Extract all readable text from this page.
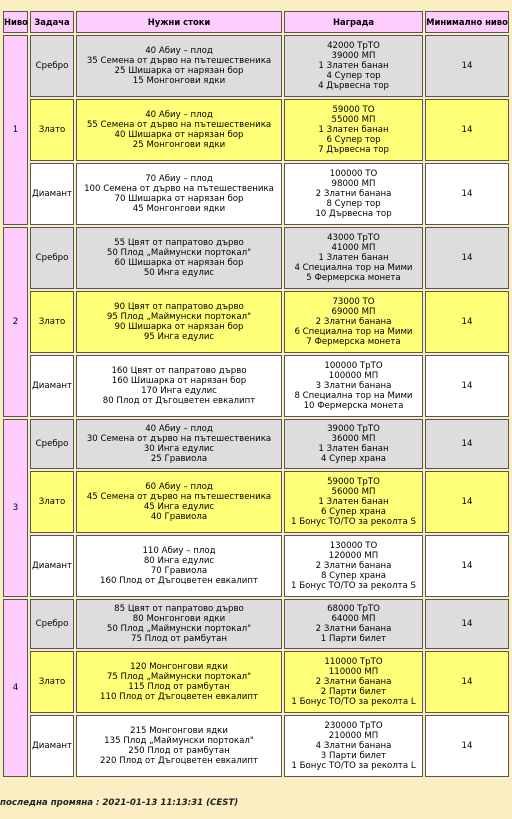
Ниво	Задача	Нужни стоки	Награда	Минимално ниво
1	Сребро	40 Абиу – плод
35 Семена от дърво на пътешественика
25 Шишарка от нарязан бор
15 Монгонгови ядки	42000 ТрТО
39000 МП
1 Златен банан
4 Супер тор
4 Дървесна тор	14
	Злато	40 Абиу – плод
55 Семена от дърво на пътешественика
40 Шишарка от нарязан бор
25 Монгонгови ядки	59000 ТО
55000 МП
1 Златен банан
6 Супер тор
7 Дървесна тор	14
	Диамант	70 Абиу – плод
100 Семена от дърво на пътешественика
70 Шишарка от нарязан бор
45 Монгонгови ядки	100000 ТО
98000 МП
2 Златни банана
8 Супер тор
10 Дървесна тор	14
2	Сребро	55 Цвят от папратово дърво
50 Плод „Маймунски портокал"
60 Шишарка от нарязан бор
50 Инга едулис	43000 ТрТО
41000 МП
1 Златен банан
4 Специална тор на Мими
5 Фермерска монета	14
	Злато	90 Цвят от папратово дърво
95 Плод „Маймунски портокал"
90 Шишарка от нарязан бор
95 Инга едулис	73000 ТО
69000 МП
2 Златни банана
6 Специална тор на Мими
7 Фермерска монета	14
	Диамант	160 Цвят от папратово дърво
160 Шишарка от нарязан бор
170 Инга едулис
80 Плод от Дъгоцветен евкалипт	100000 ТрТО
100000 МП
3 Златни банана
8 Специална тор на Мими
10 Фермерска монета	14
3	Сребро	40 Абиу – плод
30 Семена от дърво на пътешественика
30 Инга едулис
25 Гравиола	39000 ТрТО
36000 МП
1 Златен банан
4 Супер храна	14
	Злато	60 Абиу – плод
45 Семена от дърво на пътешественика
45 Инга едулис
40 Гравиола	59000 ТрТО
56000 МП
1 Златен банан
6 Супер храна
1 Бонус ТО/ТО за реколта S	14
	Диамант	110 Абиу – плод
80 Инга едулис
70 Гравиола
160 Плод от Дъгоцветен евкалипт	130000 ТО
120000 МП
2 Златни банана
8 Супер храна
1 Бонус ТО/ТО за реколта S	14
4	Сребро	85 Цвят от папратово дърво
80 Монгонгови ядки
50 Плод „Маймунски портокал"
75 Плод от рамбутан	68000 ТрТО
64000 МП
2 Златни банана
1 Парти билет	14
	Злато	120 Монгонгови ядки
75 Плод „Маймунски портокал"
115 Плод от рамбутан
110 Плод от Дъгоцветен евкалипт	110000 ТрТО
110000 МП
2 Златни банана
2 Парти билет
1 Бонус ТО/ТО за реколта L	14
	Диамант	215 Монгонгови ядки
135 Плод „Маймунски портокал"
250 Плод от рамбутан
220 Плод от Дъгоцветен евкалипт	230000 ТрТО
210000 МП
4 Златни банана
3 Парти билет
1 Бонус ТО/ТО за реколта L	14
последна промяна : 2021-01-13 11:13:31 (CEST)
